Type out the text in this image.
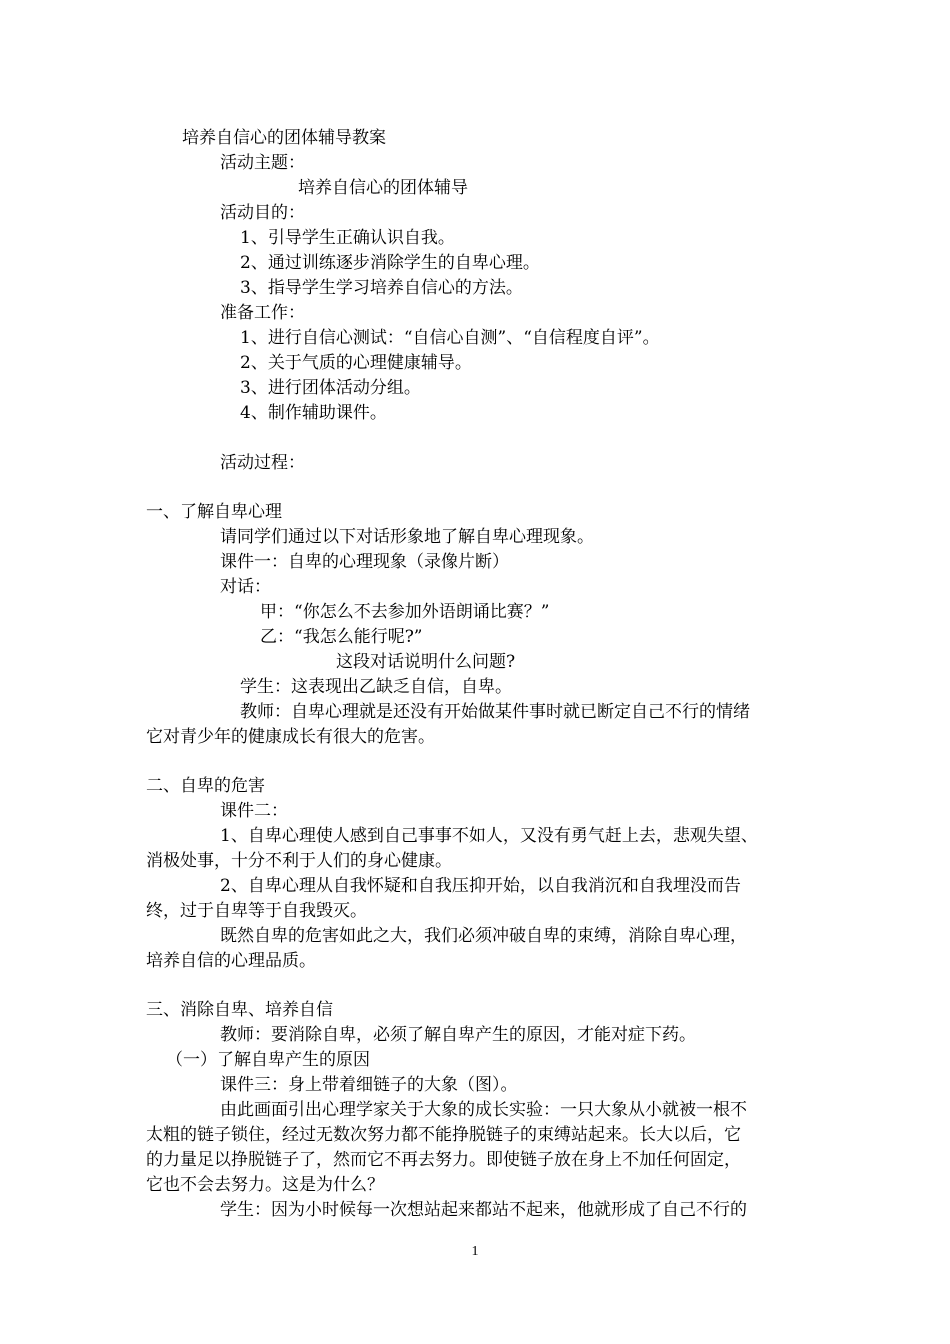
培养自信心的团体辅导教案
活动主题：
培养自信心的团体辅导
活动目的：
1、引导学生正确认识自我。
2、通过训练逐步消除学生的自卑心理。
3、指导学生学习培养自信心的方法。
准备工作：
1、进行自信心测试：“自信心自测”、“自信程度自评”。
2、关于气质的心理健康辅导。
3、进行团体活动分组。
4、制作辅助课件。
活动过程：
一、了解自卑心理
请同学们通过以下对话形象地了解自卑心理现象。
课件一：自卑的心理现象（录像片断）
对话：
甲：“你怎么不去参加外语朗诵比赛？”
乙：“我怎么能行呢?”
这段对话说明什么问题?
学生：这表现出乙缺乏自信，自卑。
教师：自卑心理就是还没有开始做某件事时就已断定自己不行的情绪
它对青少年的健康成长有很大的危害。
二、自卑的危害
课件二：
1、自卑心理使人感到自己事事不如人，又没有勇气赶上去，悲观失望、
消极处事，十分不利于人们的身心健康。
2、自卑心理从自我怀疑和自我压抑开始，以自我消沉和自我埋没而告
终，过于自卑等于自我毁灭。
既然自卑的危害如此之大，我们必须冲破自卑的束缚，消除自卑心理，
培养自信的心理品质。
三、消除自卑、培养自信
教师：要消除自卑，必须了解自卑产生的原因，才能对症下药。
（一）了解自卑产生的原因
课件三：身上带着细链子的大象（图）。
由此画面引出心理学家关于大象的成长实验：一只大象从小就被一根不
太粗的链子锁住，经过无数次努力都不能挣脱链子的束缚站起来。长大以后，它
的力量足以挣脱链子了，然而它不再去努力。即使链子放在身上不加任何固定，
它也不会去努力。这是为什么？
学生：因为小时候每一次想站起来都站不起来，他就形成了自己不行的
1
